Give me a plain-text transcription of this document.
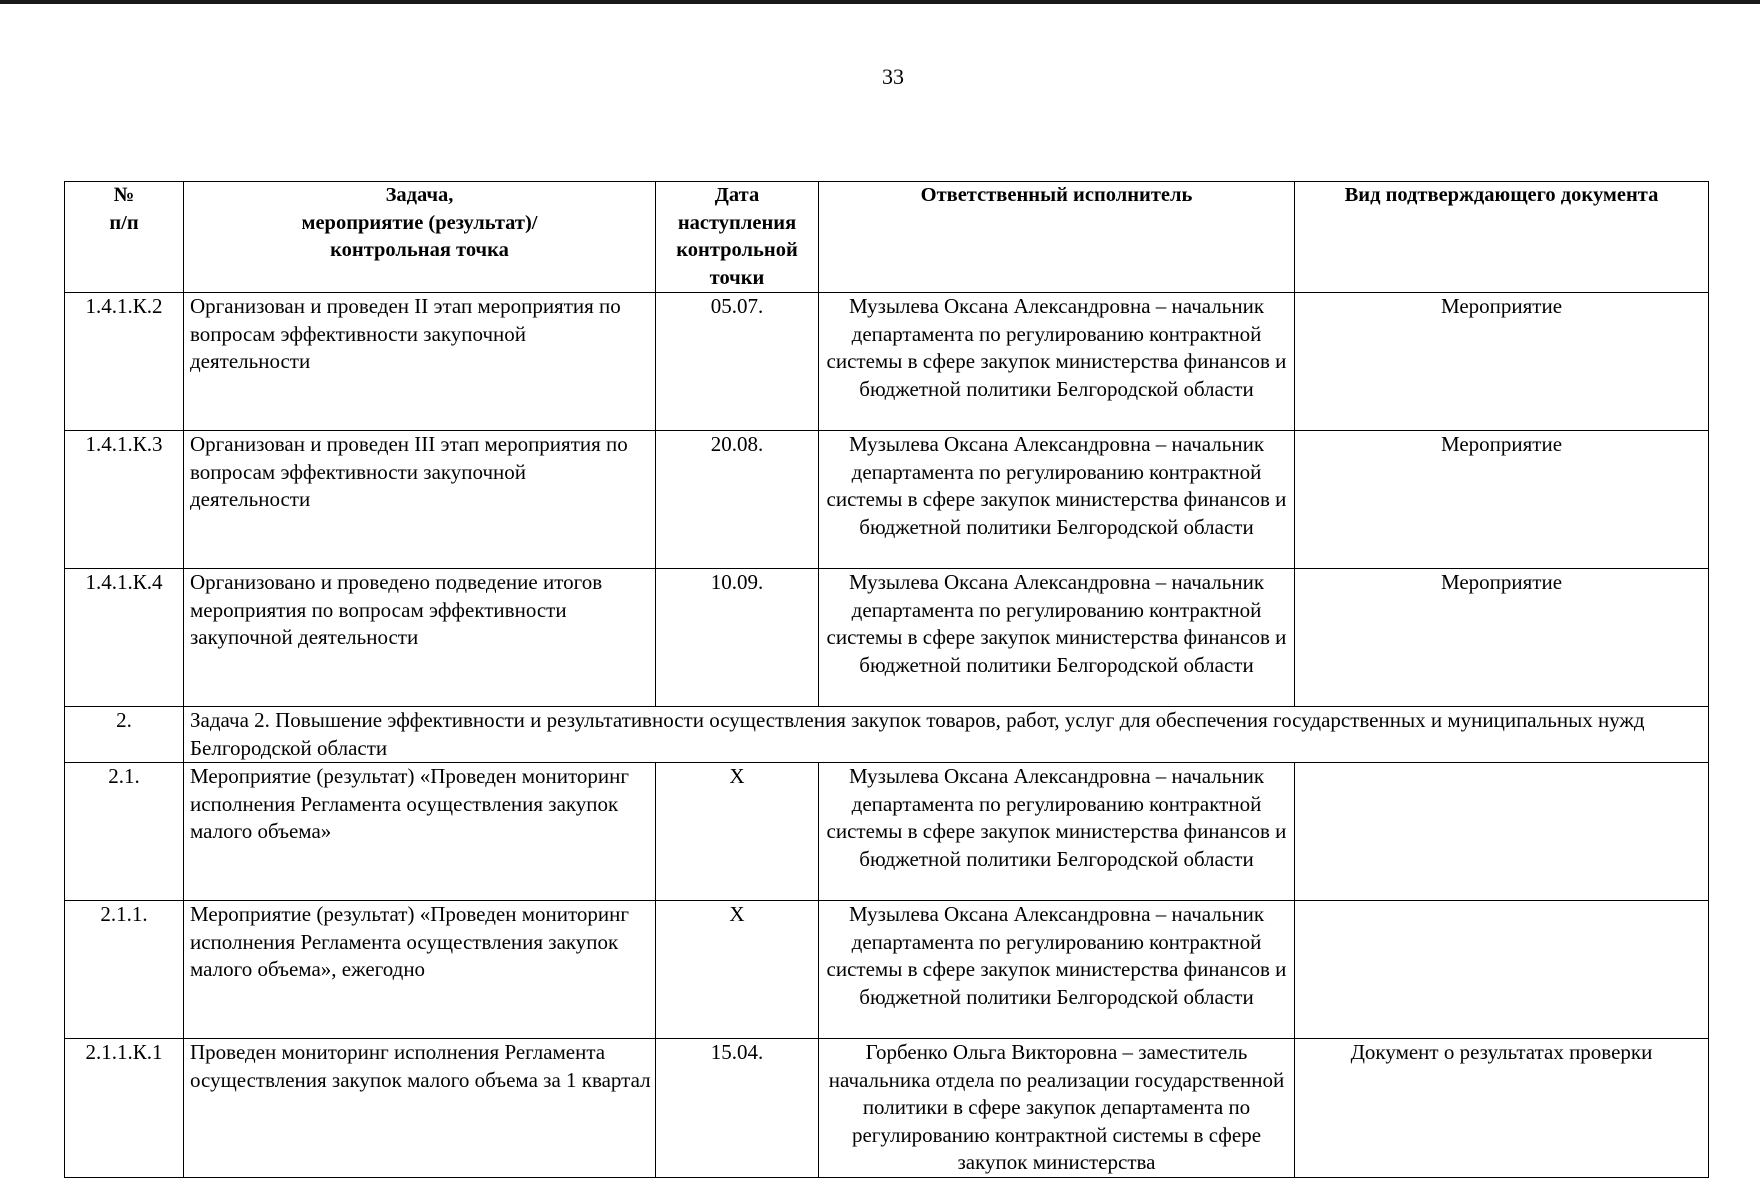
33
№
п/п	Задача,
мероприятие (результат)/
контрольная точка	Дата
наступления
контрольной
точки	Ответственный исполнитель	Вид подтверждающего документа
1.4.1.К.2	Организован и проведен II этап мероприятия по вопросам эффективности закупочной деятельности	05.07.	Музылева Оксана Александровна – начальник департамента по регулированию контрактной системы в сфере закупок министерства финансов и бюджетной политики Белгородской области	Мероприятие
1.4.1.К.3	Организован и проведен III этап мероприятия по вопросам эффективности закупочной деятельности	20.08.	Музылева Оксана Александровна – начальник департамента по регулированию контрактной системы в сфере закупок министерства финансов и бюджетной политики Белгородской области	Мероприятие
1.4.1.К.4	Организовано и проведено подведение итогов мероприятия по вопросам эффективности закупочной деятельности	10.09.	Музылева Оксана Александровна – начальник департамента по регулированию контрактной системы в сфере закупок министерства финансов и бюджетной политики Белгородской области	Мероприятие
2.	Задача 2. Повышение эффективности и результативности осуществления закупок товаров, работ, услуг для обеспечения государственных и муниципальных нужд Белгородской области			
2.1.	Мероприятие (результат) «Проведен мониторинг исполнения Регламента осуществления закупок малого объема»	Х	Музылева Оксана Александровна – начальник департамента по регулированию контрактной системы в сфере закупок министерства финансов и бюджетной политики Белгородской области	
2.1.1.	Мероприятие (результат) «Проведен мониторинг исполнения Регламента осуществления закупок малого объема», ежегодно	Х	Музылева Оксана Александровна – начальник департамента по регулированию контрактной системы в сфере закупок министерства финансов и бюджетной политики Белгородской области	
2.1.1.К.1	Проведен мониторинг исполнения Регламента осуществления закупок малого объема за 1 квартал	15.04.	Горбенко Ольга Викторовна – заместитель начальника отдела по реализации государственной политики в сфере закупок департамента по регулированию контрактной системы в сфере закупок министерства	Документ о результатах проверки
